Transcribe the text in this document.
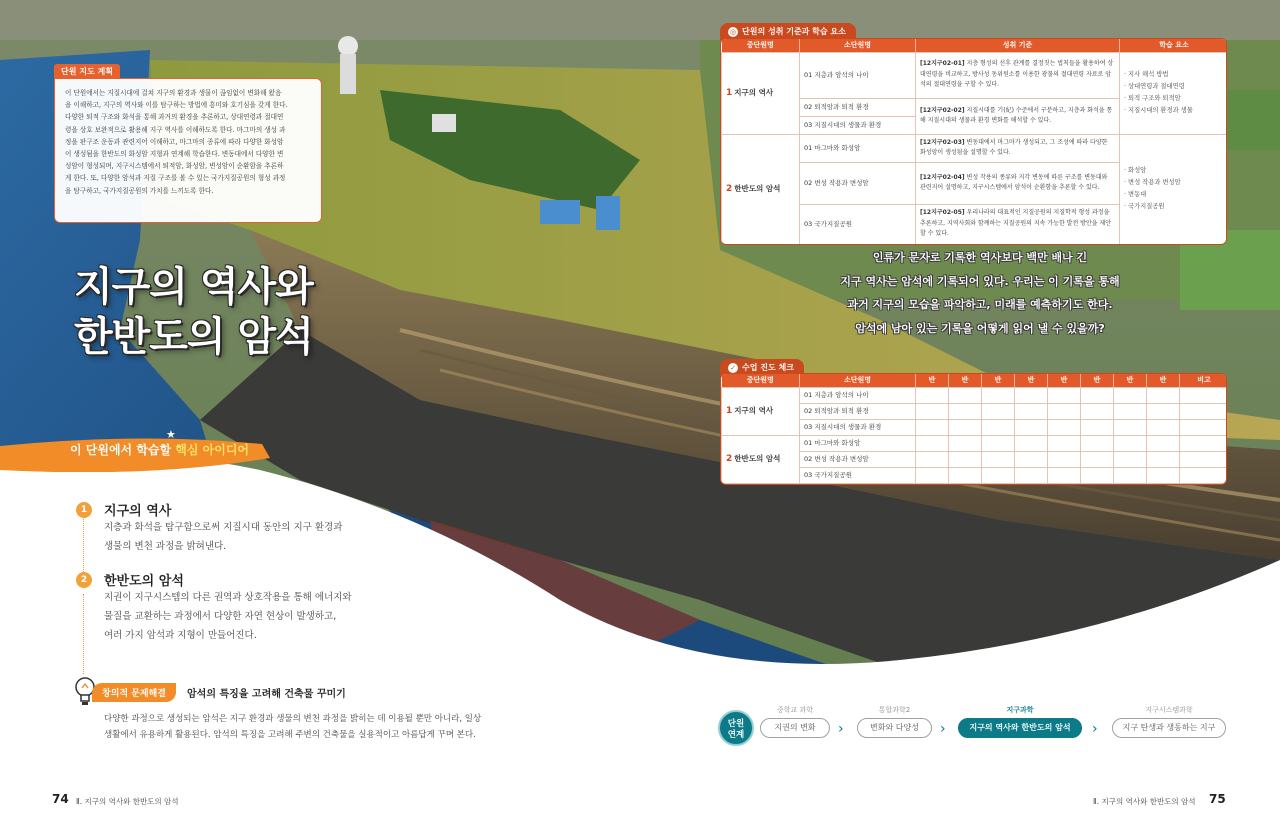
단원 지도 계획
이 단원에서는 지질시대에 걸쳐 지구의 환경과 생물이 끊임없이 변화해 왔음
을 이해하고, 지구의 역사와 이를 탐구하는 방법에 흥미와 호기심을 갖게 한다.
다양한 퇴적 구조와 화석을 통해 과거의 환경을 추론하고, 상대연령과 절대연
령을 상호 보완적으로 활용해 지구 역사를 이해하도록 한다. 마그마의 생성 과
정을 판구조 운동과 관련지어 이해하고, 마그마의 종류에 따라 다양한 화성암
이 생성됨을 한반도의 화성암 지형과 연계해 학습한다. 변동대에서 다양한 변
성암이 형성되며, 지구시스템에서 퇴적암, 화성암, 변성암이 순환함을 추론하
게 한다. 또, 다양한 암석과 지질 구조를 볼 수 있는 국가지질공원의 형성 과정
을 탐구하고, 국가지질공원의 가치를 느끼도록 한다.
지구의 역사와
한반도의 암석
인류가 문자로 기록한 역사보다 백만 배나 긴
지구 역사는 암석에 기록되어 있다. 우리는 이 기록을 통해
과거 지구의 모습을 파악하고, 미래를 예측하기도 한다.
암석에 남아 있는 기록을 어떻게 읽어 낼 수 있을까?
◎ 단원의 성취 기준과 학습 요소
중단원명	소단원명	성취 기준	학습 요소
1 지구의 역사	01 지층과 암석의 나이	[12지구02-01] 지층 형성의 선후 관계를 결정짓는 법칙들을 활용하여 상대연령을 비교하고, 방사성 동위원소를 이용한 광물의 절대연령 자료로 암석의 절대연령을 구할 수 있다.	· 지사 해석 방법
· 상대연령과 절대연령
· 퇴적 구조와 퇴적암
· 지질시대의 환경과 생물

	02 퇴적암과 퇴적 환경	[12지구02-02] 지질시대를 기(紀) 수준에서 구분하고, 지층과 화석을 통해 지질시대의 생물과 환경 변화를 해석할 수 있다.	
	03 지질시대의 생물과 환경		
2 한반도의 암석	01 마그마와 화성암	[12지구02-03] 변동대에서 마그마가 생성되고, 그 조성에 따라 다양한 화성암이 생성됨을 설명할 수 있다.	· 화성암
· 변성 작용과 변성암
· 변동대
· 국가지질공원

	02 변성 작용과 변성암	[12지구02-04] 변성 작용의 종류와 지각 변동에 따른 구조를 변동대와 관련지어 설명하고, 지구시스템에서 암석이 순환함을 추론할 수 있다.	
	03 국가지질공원	[12지구02-05] 우리나라의 대표적인 지질공원의 지질학적 형성 과정을 추론하고, 지역사회와 함께하는 지질공원의 지속 가능한 발전 방안을 제안할 수 있다.	
✓ 수업 진도 체크
중단원명	소단원명	반	반	반	반	반	반	반	반	비고
1 지구의 역사	01 지층과 암석의 나이									
	02 퇴적암과 퇴적 환경									
	03 지질시대의 생물과 환경									
2 한반도의 암석	01 마그마와 화성암									
	02 변성 작용과 변성암									
	03 국가지질공원									
★
이 단원에서 학습할 핵심 아이디어
1	지구의 역사
지층과 화석을 탐구함으로써 지질시대 동안의 지구 환경과
생물의 변천 과정을 밝혀낸다.
2	한반도의 암석
지권이 지구시스템의 다른 권역과 상호작용을 통해 에너지와
물질을 교환하는 과정에서 다양한 자연 현상이 발생하고,
여러 가지 암석과 지형이 만들어진다.
창의적 문제해결	암석의 특징을 고려해 건축물 꾸미기
다양한 과정으로 생성되는 암석은 지구 환경과 생물의 변천 과정을 밝히는 데 이용될 뿐만 아니라, 일상
생활에서 유용하게 활용된다. 암석의 특징을 고려해 주변의 건축물을 실용적이고 아름답게 꾸며 본다.
단원
연계
중학교 과학
지권의 변화	›
통합과학2
변화와 다양성	›
지구과학
지구의 역사와 한반도의 암석	›
지구시스템과학
지구 탄생과 생동하는 지구
74 Ⅱ. 지구의 역사와 한반도의 암석	Ⅱ. 지구의 역사와 한반도의 암석 75
